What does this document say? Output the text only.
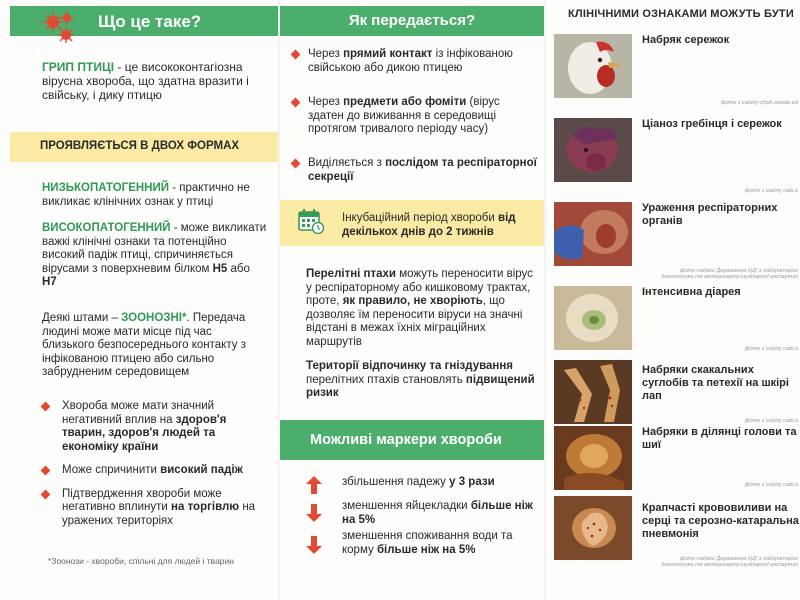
Що це таке?

ГРИП ПТИЦІ - це висококонтагіозна вірусна хвороба, що здатна вразити і свійську, і дику птицю

ПРОЯВЛЯЄТЬСЯ В ДВОХ ФОРМАХ

НИЗЬКОПАТОГЕННИЙ - практично не викликає клінічних ознак у птиці

ВИСОКОПАТОГЕННИЙ - може викликати важкі клінічні ознаки та потенційно високий падіж птиці, спричиняється вірусами з поверхневим білком H5 або H7

Деякі штами – ЗООНОЗНІ*. Передача людині може мати місце під час близького безпосереднього контакту з інфікованою птицею або сильно забрудненим середовищем

Хвороба може мати значний негативний вплив на здоров'я тварин, здоров'я людей та економіку країни
Може спричинити високий падіж
Підтвердження хвороби може негативно вплинути на торгівлю на уражених територіях

*Зоонози - хвороби, спільні для людей і тварин

Як передається?
Через прямий контакт із інфікованою свійською або дикою птицею
Через предмети або фоміти (вірус здатен до виживання в середовищі протягом тривалого періоду часу)
Виділяється з послідом та респіраторної секреції

Інкубаційний період хвороби від декількох днів до 2 тижнів

Перелітні птахи можуть переносити вірус у респіраторному або кишковому трактах, проте, як правило, не хворіють, що дозволяє їм переносити віруси на значні відстані в межах їхніх міграційних маршрутів

Території відпочинку та гніздування перелітних птахів становлять підвищений ризик

Можливі маркери хвороби

збільшення падежу у 3 рази

зменшення яйцекладки більше ніж на 5%

зменшення споживання води та корму більше ніж на 5%

КЛІНІЧНИМИ ОЗНАКАМИ МОЖУТЬ БУТИ
Набряк сережок
фото з сайту cfsph.iastate.ed
Ціаноз гребінця і сережок
фото з сайту cabi.o
Ураження респіраторних органів
фото надано Державною НДІ з лабораторно діагностики та ветеринарно-санітарної експертиз
Інтенсивна діарея
фото з сайту cabi.o
Набряки скакальних суглобів та петехії на шкірі лап
фото з сайту cabi.o
Набряки в ділянці голови та шиї
фото з сайту cabi.o
Крапчасті крововиливи на серці та серозно-катаральна пневмонія
фото надано Державною НДІ з лабораторно діагностики та ветеринарно-санітарної експертиз
